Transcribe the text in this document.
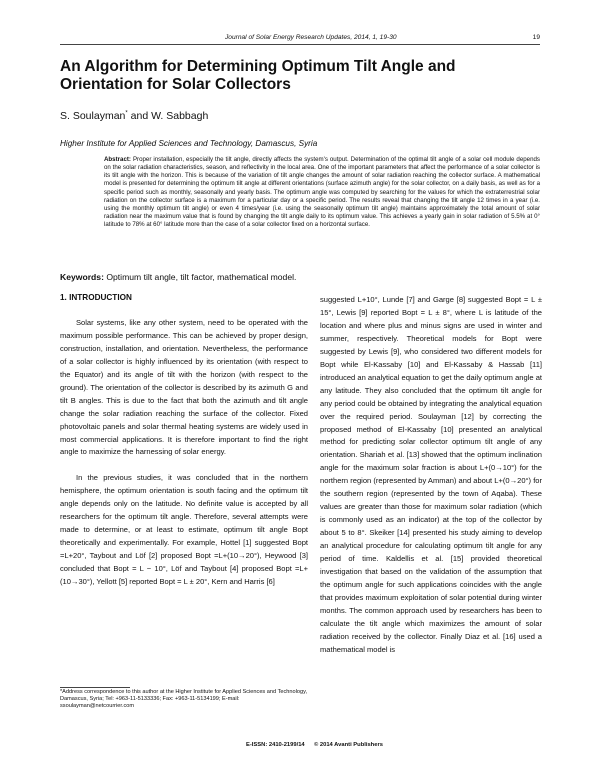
Journal of Solar Energy Research Updates, 2014, 1, 19-30	19
An Algorithm for Determining Optimum Tilt Angle and Orientation for Solar Collectors
S. Soulayman* and W. Sabbagh
Higher Institute for Applied Sciences and Technology, Damascus, Syria
Abstract: Proper installation, especially the tilt angle, directly affects the system's output. Determination of the optimal tilt angle of a solar cell module depends on the solar radiation characteristics, season, and reflectivity in the local area. One of the important parameters that affect the performance of a solar collector is its tilt angle with the horizon. This is because of the variation of tilt angle changes the amount of solar radiation reaching the collector surface. A mathematical model is presented for determining the optimum tilt angle at different orientations (surface azimuth angle) for the solar collector, on a daily basis, as well as for a specific period such as monthly, seasonally and yearly basis. The optimum angle was computed by searching for the values for which the extraterrestrial solar radiation on the collector surface is a maximum for a particular day or a specific period. The results reveal that changing the tilt angle 12 times in a year (i.e. using the monthly optimum tilt angle) or even 4 times/year (i.e. using the seasonally optimum tilt angle) maintains approximately the total amount of solar radiation near the maximum value that is found by changing the tilt angle daily to its optimum value. This achieves a yearly gain in solar radiation of 5.5% at 0° latitude to 78% at 60° latitude more than the case of a solar collector fixed on a horizontal surface.
Keywords: Optimum tilt angle, tilt factor, mathematical model.

1. INTRODUCTION

Solar systems, like any other system, need to be operated with the maximum possible performance. This can be achieved by proper design, construction, installation, and orientation. Nevertheless, the performance of a solar collector is highly influenced by its orientation (with respect to the Equator) and its angle of tilt with the horizon (with respect to the ground). The orientation of the collector is described by its azimuth G and tilt B angles. This is due to the fact that both the azimuth and tilt angle change the solar radiation reaching the surface of the collector. Fixed photovoltaic panels and solar thermal heating systems are widely used in most commercial applications. It is therefore important to find the right angle to maximize the harnessing of solar energy.

In the previous studies, it was concluded that in the northern hemisphere, the optimum orientation is south facing and the optimum tilt angle depends only on the latitude. No definite value is accepted by all researchers for the optimum tilt angle. Therefore, several attempts were made to determine, or at least to estimate, optimum tilt angle Bopt theoretically and experimentally. For example, Hottel [1] suggested Bopt =L+20°, Taybout and Löf [2] proposed Bopt =L+(10→20°), Heywood [3] concluded that Bopt = L − 10°, Löf and Taybout [4] proposed Bopt =L+(10→30°), Yellott [5] reported Bopt = L ± 20°, Kern and Harris [6]

suggested L+10°, Lunde [7] and Garge [8] suggested Bopt = L ± 15°, Lewis [9] reported Bopt = L ± 8°, where L is latitude of the location and where plus and minus signs are used in winter and summer, respectively. Theoretical models for Bopt were suggested by Lewis [9], who considered two different models for Bopt while El-Kassaby [10] and El-Kassaby & Hassab [11] introduced an analytical equation to get the daily optimum angle at any latitude. They also concluded that the optimum tilt angle for any period could be obtained by integrating the analytical equation over the required period. Soulayman [12] by correcting the proposed method of El-Kassaby [10] presented an analytical method for predicting solar collector optimum tilt angle of any orientation. Shariah et al. [13] showed that the optimum inclination angle for the maximum solar fraction is about L+(0→10°) for the northern region (represented by Amman) and about L+(0→20°) for the southern region (represented by the town of Aqaba). These values are greater than those for maximum solar radiation (which is commonly used as an indicator) at the top of the collector by about 5 to 8°. Skeiker [14] presented his study aiming to develop an analytical procedure for calculating optimum tilt angle for any period of time. Kaldellis et al. [15] provided theoretical investigation that based on the validation of the assumption that the optimum angle for such applications coincides with the angle that provides maximum exploitation of solar potential during winter months. The common approach used by researchers has been to calculate the tilt angle which maximizes the amount of solar radiation received by the collector. Finally Diaz et al. [16] used a mathematical model is

*Address correspondence to this author at the Higher Institute for Applied Sciences and Technology, Damascus, Syria; Tel: +963-11-5133336; Fax: +963-11-5134199; E-mail: ssoulayman@netcourrier.com
E-ISSN: 2410-2199/14 © 2014 Avanti Publishers
